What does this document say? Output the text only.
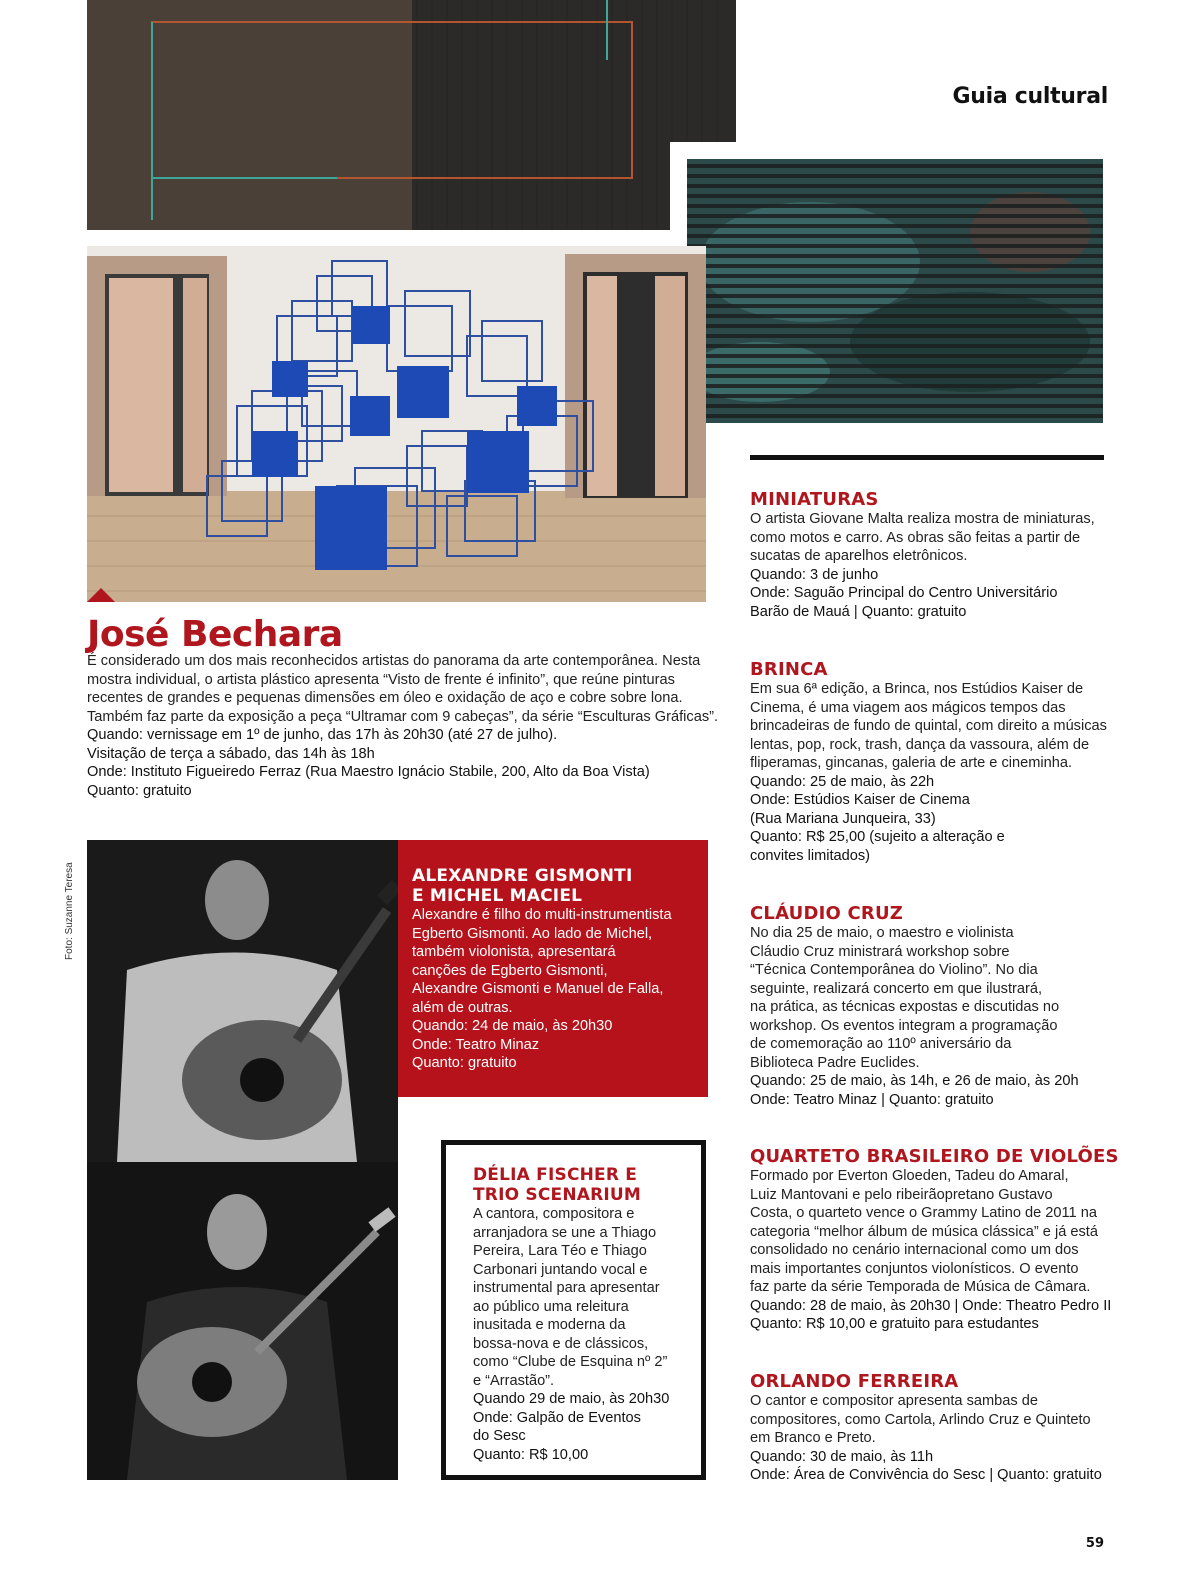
Guia cultural
José Bechara
É considerado um dos mais reconhecidos artistas do panorama da arte contemporânea. Nesta
mostra individual, o artista plástico apresenta “Visto de frente é infinito”, que reúne pinturas
recentes de grandes e pequenas dimensões em óleo e oxidação de aço e cobre sobre lona.
Também faz parte da exposição a peça “Ultramar com 9 cabeças”, da série “Esculturas Gráficas”.
Quando: vernissage em 1º de junho, das 17h às 20h30 (até 27 de julho).
Visitação de terça a sábado, das 14h às 18h
Onde: Instituto Figueiredo Ferraz (Rua Maestro Ignácio Stabile, 200, Alto da Boa Vista)
Quanto: gratuito
Foto: Suzanne Teresa	ALEXANDRE GISMONTI
E MICHEL MACIEL
Alexandre é filho do multi-instrumentista
Egberto Gismonti. Ao lado de Michel,
também violonista, apresentará
canções de Egberto Gismonti,
Alexandre Gismonti e Manuel de Falla,
além de outras.
Quando: 24 de maio, às 20h30
Onde: Teatro Minaz
Quanto: gratuito
DÉLIA FISCHER E
TRIO SCENARIUM
A cantora, compositora e
arranjadora se une a Thiago
Pereira, Lara Téo e Thiago
Carbonari juntando vocal e
instrumental para apresentar
ao público uma releitura
inusitada e moderna da
bossa-nova e de clássicos,
como “Clube de Esquina nº 2”
e “Arrastão”.
Quando 29 de maio, às 20h30
Onde: Galpão de Eventos
do Sesc
Quanto: R$ 10,00
MINIATURAS
O artista Giovane Malta realiza mostra de miniaturas,
como motos e carro. As obras são feitas a partir de
sucatas de aparelhos eletrônicos.
Quando: 3 de junho
Onde: Saguão Principal do Centro Universitário
Barão de Mauá | Quanto: gratuito
BRINCA
Em sua 6ª edição, a Brinca, nos Estúdios Kaiser de
Cinema, é uma viagem aos mágicos tempos das
brincadeiras de fundo de quintal, com direito a músicas
lentas, pop, rock, trash, dança da vassoura, além de
fliperamas, gincanas, galeria de arte e cineminha.
Quando: 25 de maio, às 22h
Onde: Estúdios Kaiser de Cinema
(Rua Mariana Junqueira, 33)
Quanto: R$ 25,00 (sujeito a alteração e
convites limitados)
CLÁUDIO CRUZ
No dia 25 de maio, o maestro e violinista
Cláudio Cruz ministrará workshop sobre
“Técnica Contemporânea do Violino”. No dia
seguinte, realizará concerto em que ilustrará,
na prática, as técnicas expostas e discutidas no
workshop. Os eventos integram a programação
de comemoração ao 110º aniversário da
Biblioteca Padre Euclides.
Quando: 25 de maio, às 14h, e 26 de maio, às 20h
Onde: Teatro Minaz | Quanto: gratuito
QUARTETO BRASILEIRO DE VIOLÕES
Formado por Everton Gloeden, Tadeu do Amaral,
Luiz Mantovani e pelo ribeirãopretano Gustavo
Costa, o quarteto vence o Grammy Latino de 2011 na
categoria “melhor álbum de música clássica” e já está
consolidado no cenário internacional como um dos
mais importantes conjuntos violonísticos. O evento
faz parte da série Temporada de Música de Câmara.
Quando: 28 de maio, às 20h30 | Onde: Theatro Pedro II
Quanto: R$ 10,00 e gratuito para estudantes
ORLANDO FERREIRA
O cantor e compositor apresenta sambas de
compositores, como Cartola, Arlindo Cruz e Quinteto
em Branco e Preto.
Quando: 30 de maio, às 11h
Onde: Área de Convivência do Sesc | Quanto: gratuito
59
